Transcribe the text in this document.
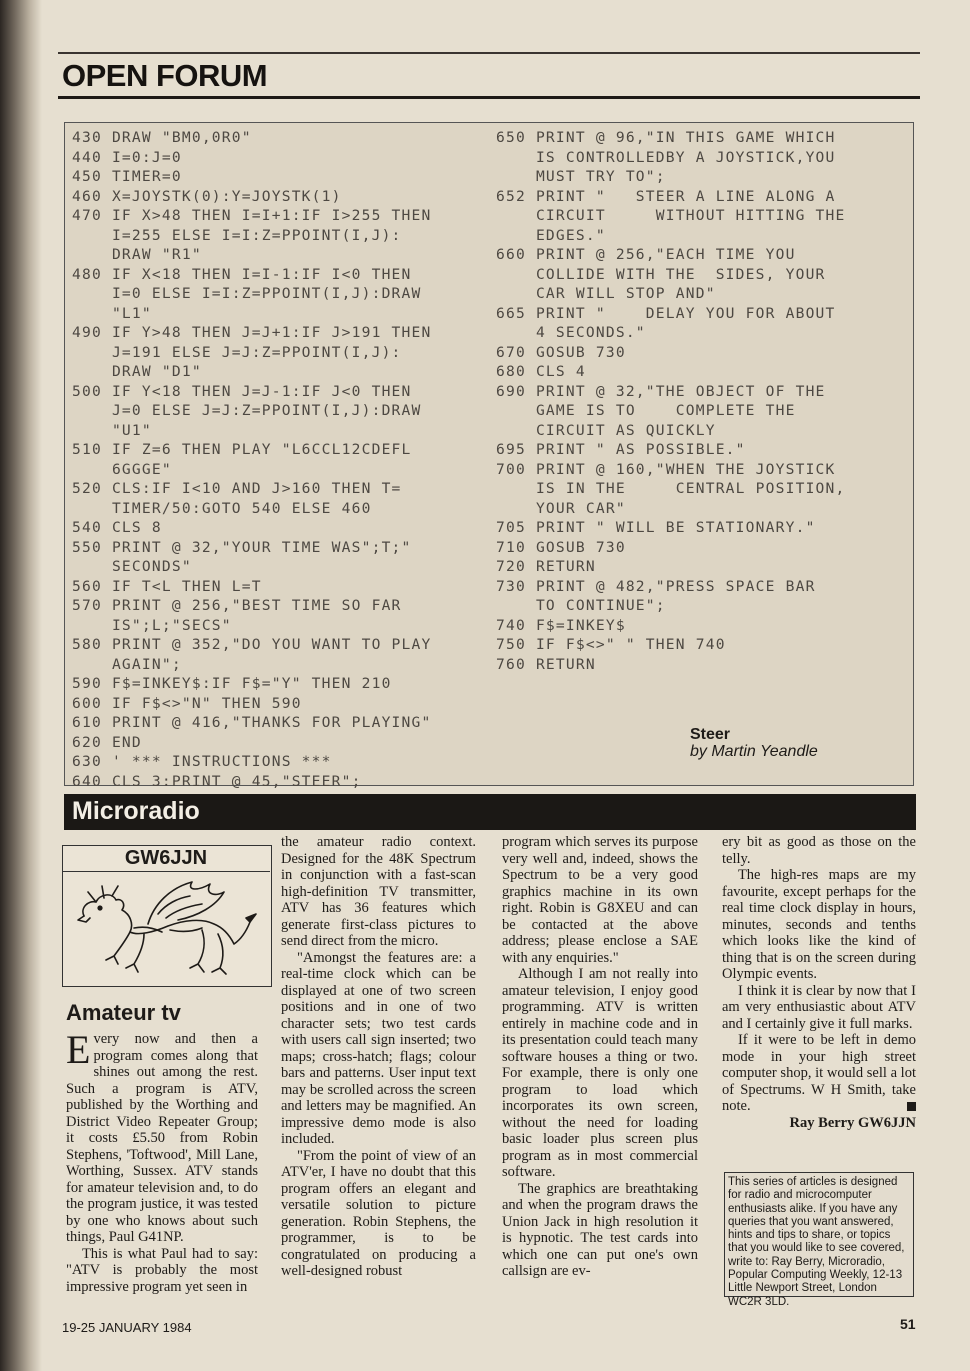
OPEN FORUM
430 DRAW "BM0,0R0"
440 I=0:J=0
450 TIMER=0
460 X=JOYSTK(0):Y=JOYSTK(1)
470 IF X>48 THEN I=I+1:IF I>255 THEN
I=255 ELSE I=I:Z=PPOINT(I,J):
DRAW "R1"
480 IF X<18 THEN I=I-1:IF I<0 THEN
I=0 ELSE I=I:Z=PPOINT(I,J):DRAW
"L1"
490 IF Y>48 THEN J=J+1:IF J>191 THEN
J=191 ELSE J=J:Z=PPOINT(I,J):
DRAW "D1"
500 IF Y<18 THEN J=J-1:IF J<0 THEN
J=0 ELSE J=J:Z=PPOINT(I,J):DRAW
"U1"
510 IF Z=6 THEN PLAY "L6CCL12CDEFL
6GGGE"
520 CLS:IF I<10 AND J>160 THEN T=
TIMER/50:GOTO 540 ELSE 460
540 CLS 8
550 PRINT @ 32,"YOUR TIME WAS";T;"
SECONDS"
560 IF T<L THEN L=T
570 PRINT @ 256,"BEST TIME SO FAR
IS";L;"SECS"
580 PRINT @ 352,"DO YOU WANT TO PLAY
AGAIN";
590 F$=INKEY$:IF F$="Y" THEN 210
600 IF F$<>"N" THEN 590
610 PRINT @ 416,"THANKS FOR PLAYING"
620 END
630 ' *** INSTRUCTIONS ***
640 CLS 3:PRINT @ 45,"STEER";
650 PRINT @ 96,"IN THIS GAME WHICH
IS CONTROLLEDBY A JOYSTICK,YOU
MUST TRY TO";
652 PRINT "   STEER A LINE ALONG A
CIRCUIT     WITHOUT HITTING THE
EDGES."
660 PRINT @ 256,"EACH TIME YOU
COLLIDE WITH THE  SIDES, YOUR
CAR WILL STOP AND"
665 PRINT "    DELAY YOU FOR ABOUT
4 SECONDS."
670 GOSUB 730
680 CLS 4
690 PRINT @ 32,"THE OBJECT OF THE
GAME IS TO    COMPLETE THE
CIRCUIT AS QUICKLY
695 PRINT " AS POSSIBLE."
700 PRINT @ 160,"WHEN THE JOYSTICK
IS IN THE     CENTRAL POSITION,
YOUR CAR"
705 PRINT " WILL BE STATIONARY."
710 GOSUB 730
720 RETURN
730 PRINT @ 482,"PRESS SPACE BAR
TO CONTINUE";
740 F$=INKEY$
750 IF F$<>" " THEN 740
760 RETURN
Steer
by Martin Yeandle
Microradio
GW6JJN
Amateur tv

Every now and then a program comes along that shines out among the rest. Such a program is ATV, published by the Worthing and District Video Repeater Group; it costs £5.50 from Robin Stephens, 'Toftwood', Mill Lane, Worthing, Sussex. ATV stands for amateur television and, to do the program justice, it was tested by one who knows about such things, Paul G41NP.

This is what Paul had to say: "ATV is probably the most impressive program yet seen in

the amateur radio context. Designed for the 48K Spectrum in conjunction with a fast-scan high-definition TV transmitter, ATV has 36 features which generate first-class pictures to send direct from the micro.

"Amongst the features are: a real-time clock which can be displayed at one of two screen positions and in one of two character sets; two test cards with users call sign inserted; two maps; cross-hatch; flags; colour bars and patterns. User input text may be scrolled across the screen and letters may be magnified. An impressive demo mode is also included.

"From the point of view of an ATV'er, I have no doubt that this program offers an elegant and versatile solution to picture generation. Robin Stephens, the programmer, is to be congratulated on producing a well-designed robust

program which serves its purpose very well and, indeed, shows the Spectrum to be a very good graphics machine in its own right. Robin is G8XEU and can be contacted at the above address; please enclose a SAE with any enquiries."

Although I am not really into amateur television, I enjoy good programming. ATV is written entirely in machine code and in its presentation could teach many software houses a thing or two. For example, there is only one program to load which incorporates its own screen, without the need for loading basic loader plus screen plus program as in most commercial software.

The graphics are breathtaking and when the program draws the Union Jack in high resolution it is hypnotic. The test cards into which one can put one's own callsign are ev-

ery bit as good as those on the telly.

The high-res maps are my favourite, except perhaps for the real time clock display in hours, minutes, seconds and tenths which looks like the kind of thing that is on the screen during Olympic events.

I think it is clear by now that I am very enthusiastic about ATV and I certainly give it full marks.

If it were to be left in demo mode in your high street computer shop, it would sell a lot of Spectrums. W H Smith, take note.

Ray Berry GW6JJN

This series of articles is designed for radio and microcomputer enthusiasts alike. If you have any queries that you want answered, hints and tips to share, or topics that you would like to see covered, write to: Ray Berry, Microradio, Popular Computing Weekly, 12-13 Little Newport Street, London WC2R 3LD.
19-25 JANUARY 1984	51
